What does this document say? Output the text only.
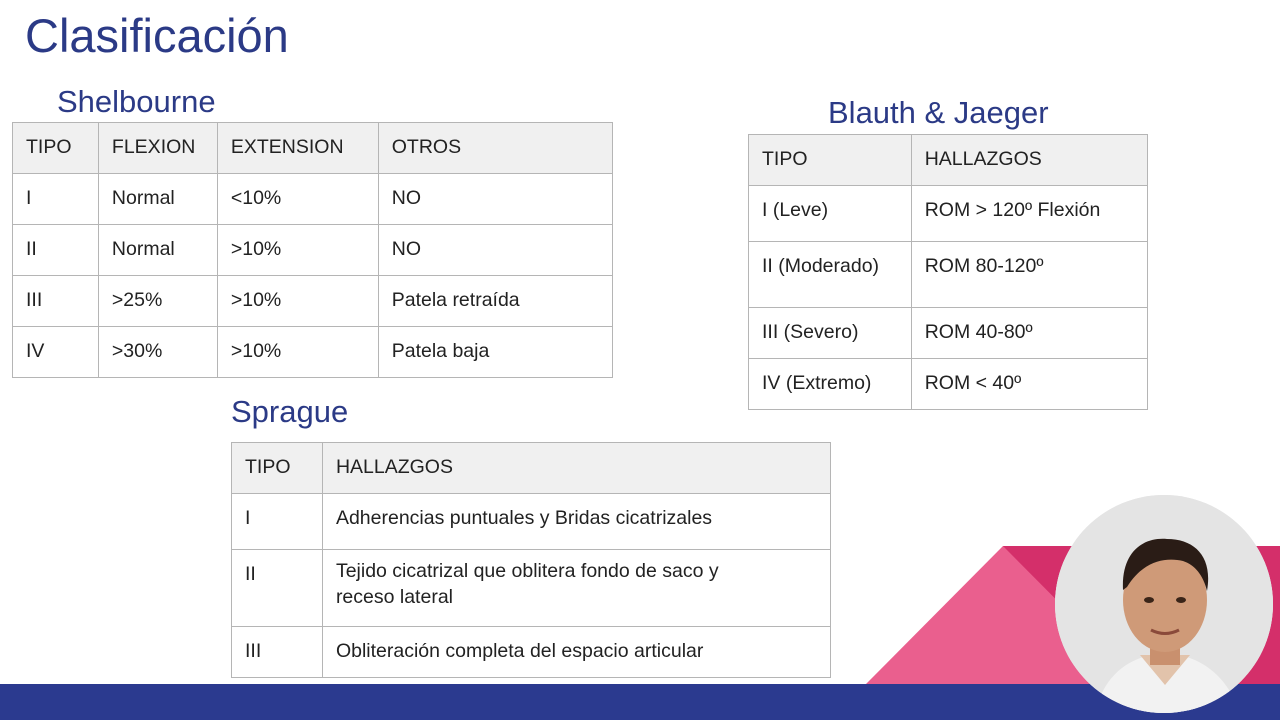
Clasificación
Shelbourne
TIPO	FLEXION	EXTENSION	OTROS
I	Normal	<10%	NO
II	Normal	>10%	NO
III	>25%	>10%	Patela retraída
IV	>30%	>10%	Patela baja
Blauth & Jaeger
TIPO	HALLAZGOS
I (Leve)	ROM > 120º Flexión
II (Moderado)	ROM 80-120º
III (Severo)	ROM 40-80º
IV (Extremo)	ROM < 40º
Sprague
TIPO	HALLAZGOS
I	Adherencias puntuales y Bridas cicatrizales
II	Tejido cicatrizal que oblitera fondo de saco y receso lateral
III	Obliteración completa del espacio articular
